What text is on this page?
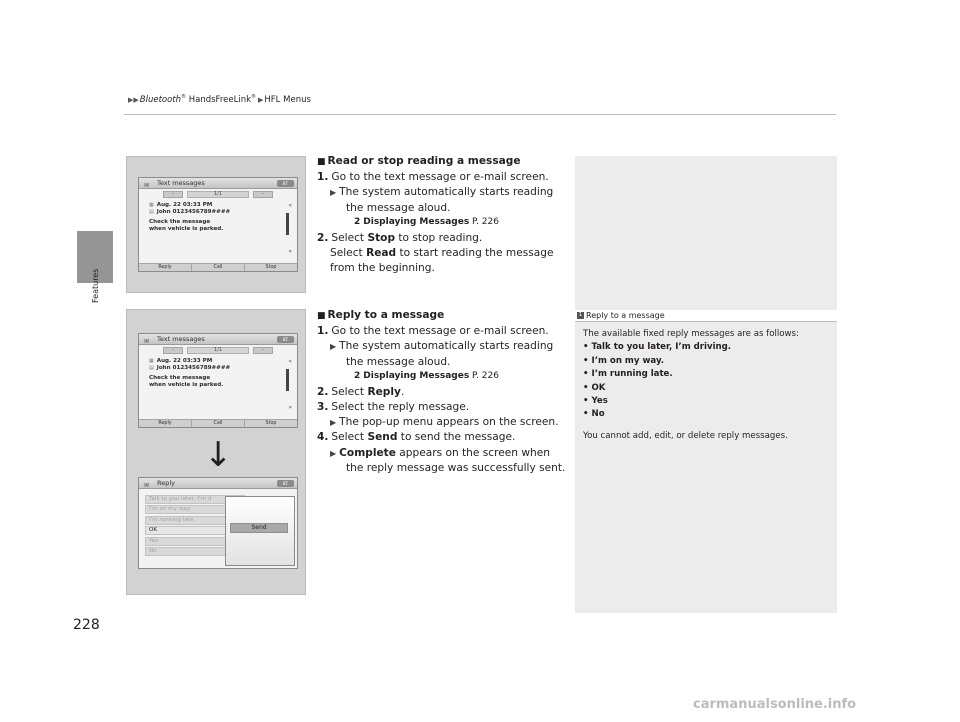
▶▶Bluetooth® HandsFreeLink® ▶HFL Menus
Features
✉ Text messages	BT
–	1/1	–
▦ Aug. 22 03:33 PM
▤ John 0123456789####
Check the message
when vehicle is parked.
«
»
Reply	Call	Stop
✉ Text messages	BT
–	1/1	–
▦ Aug. 22 03:33 PM
▤ John 0123456789####
Check the message
when vehicle is parked.
«
»
Reply	Call	Stop
↓
✉ Reply	BT
Talk to you later, I'm d
I'm on my way.
I'm running late.
OK
Yes
No
Send
■ Read or stop reading a message
1. Go to the text message or e-mail screen.
▶ The system automatically starts reading
the message aloud.
2 Displaying Messages P. 226
2. Select Stop to stop reading.
Select Read to start reading the message
from the beginning.
■ Reply to a message
1. Go to the text message or e-mail screen.
▶ The system automatically starts reading
the message aloud.
2 Displaying Messages P. 226
2. Select Reply.
3. Select the reply message.
▶ The pop-up menu appears on the screen.
4. Select Send to send the message.
▶ Complete appears on the screen when
the reply message was successfully sent.
1 Reply to a message
The available fixed reply messages are as follows:
• Talk to you later, I’m driving.
• I’m on my way.
• I’m running late.
• OK
• Yes
• No
You cannot add, edit, or delete reply messages.
228
carmanualsonline.info
